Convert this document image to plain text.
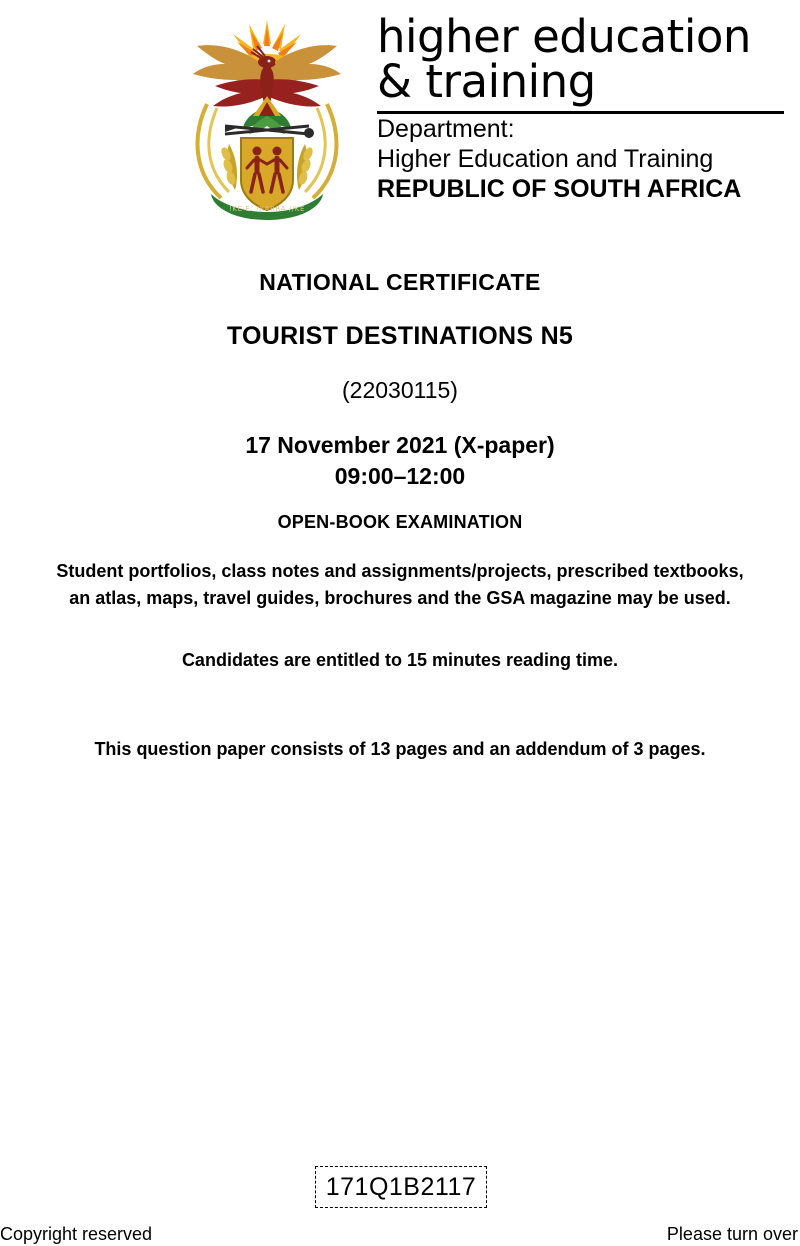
!KE E: /XARRA //KE
higher education
& training
Department:
Higher Education and Training
REPUBLIC OF SOUTH AFRICA
NATIONAL CERTIFICATE
TOURIST DESTINATIONS N5
(22030115)
17 November 2021 (X-paper)
09:00–12:00
OPEN-BOOK EXAMINATION
Student portfolios, class notes and assignments/projects, prescribed textbooks,
an atlas, maps, travel guides, brochures and the GSA magazine may be used.
Candidates are entitled to 15 minutes reading time.
This question paper consists of 13 pages and an addendum of 3 pages.
171Q1B2117
Copyright reserved	Please turn over
